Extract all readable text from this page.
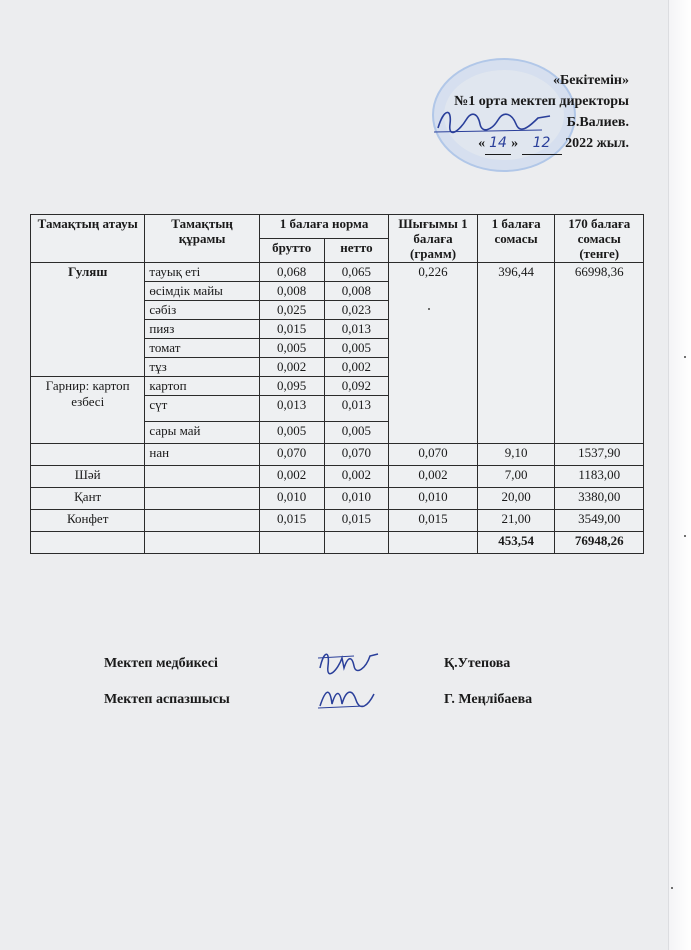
«Бекітемін»
№1 орта мектеп директоры
Б.Валиев.
« 14 » 12 2022 жыл.
Тамақтың атауы	Тамақтың құрамы	1 балаға норма		Шығымы 1 балаға (грамм)	1 балаға сомасы	170 балаға сомасы (тенге)
		брутто	нетто			
Гуляш	тауық еті	0,068	0,065	0,226	396,44	66998,36
	өсімдік майы	0,008	0,008			
	сәбіз	0,025	0,023			
	пияз	0,015	0,013			
	томат	0,005	0,005			
	тұз	0,002	0,002			
Гарнир: картоп езбесі	картоп	0,095	0,092			
	сүт	0,013	0,013			
	сары май	0,005	0,005			
	нан	0,070	0,070	0,070	9,10	1537,90
Шәй		0,002	0,002	0,002	7,00	1183,00
Қант		0,010	0,010	0,010	20,00	3380,00
Конфет		0,015	0,015	0,015	21,00	3549,00
					453,54	76948,26
Мектеп медбикесі	Қ.Утепова
Мектеп аспазшысы	Г. Меңлібаева
